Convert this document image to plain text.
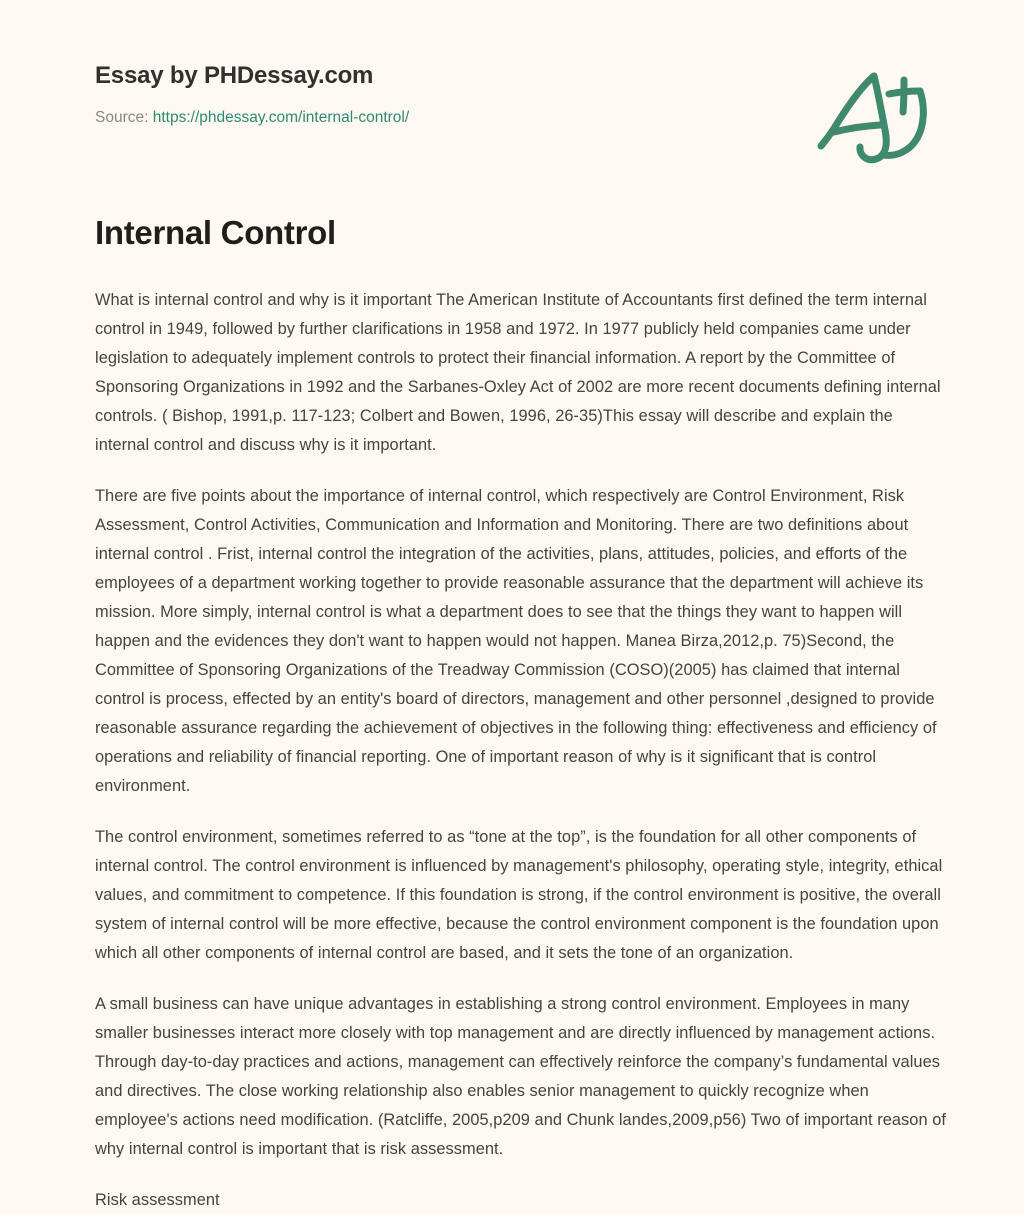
Essay by PHDessay.com
Source: https://phdessay.com/internal-control/
Internal Control

What is internal control and why is it important The American Institute of Accountants first defined the term internal control in 1949, followed by further clarifications in 1958 and 1972. In 1977 publicly held companies came under legislation to adequately implement controls to protect their financial information. A report by the Committee of Sponsoring Organizations in 1992 and the Sarbanes-Oxley Act of 2002 are more recent documents defining internal controls. ( Bishop, 1991,p. 117-123; Colbert and Bowen, 1996, 26-35)This essay will describe and explain the internal control and discuss why is it important.

There are five points about the importance of internal control, which respectively are Control Environment, Risk Assessment, Control Activities, Communication and Information and Monitoring. There are two definitions about internal control . Frist, internal control the integration of the activities, plans, attitudes, policies, and efforts of the employees of a department working together to provide reasonable assurance that the department will achieve its mission. More simply, internal control is what a department does to see that the things they want to happen will happen and the evidences they don't want to happen would not happen. Manea Birza,2012,p. 75)Second, the Committee of Sponsoring Organizations of the Treadway Commission (COSO)(2005) has claimed that internal control is process, effected by an entity's board of directors, management and other personnel ,designed to provide reasonable assurance regarding the achievement of objectives in the following thing: effectiveness and efficiency of operations and reliability of financial reporting. One of important reason of why is it significant that is control environment.

The control environment, sometimes referred to as “tone at the top”, is the foundation for all other components of internal control. The control environment is influenced by management's philosophy, operating style, integrity, ethical values, and commitment to competence. If this foundation is strong, if the control environment is positive, the overall system of internal control will be more effective, because the control environment component is the foundation upon which all other components of internal control are based, and it sets the tone of an organization.

A small business can have unique advantages in establishing a strong control environment. Employees in many smaller businesses interact more closely with top management and are directly influenced by management actions. Through day-to-day practices and actions, management can effectively reinforce the company’s fundamental values and directives. The close working relationship also enables senior management to quickly recognize when employee's actions need modification. (Ratcliffe, 2005,p209 and Chunk landes,2009,p56) Two of important reason of why internal control is important that is risk assessment.

Risk assessment
